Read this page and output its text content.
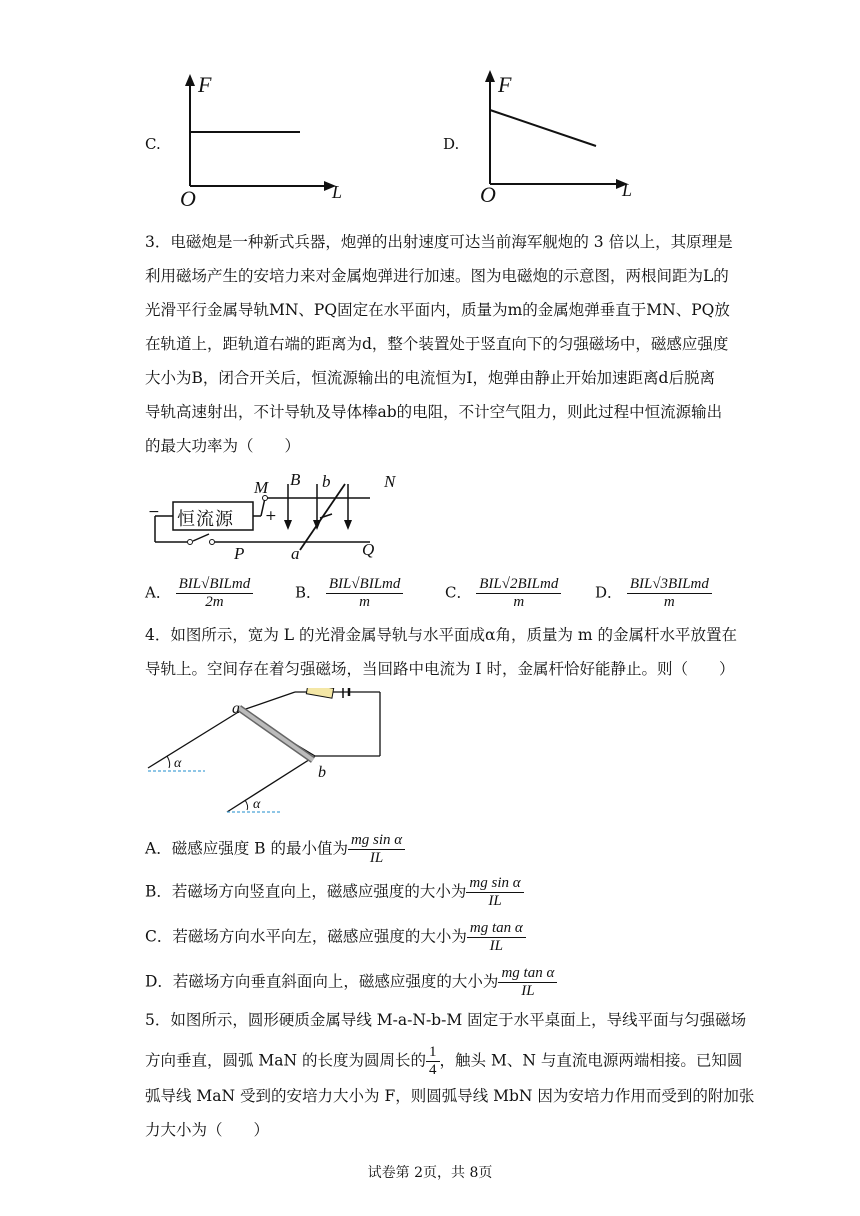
C.
F
O	L
D.
F
O	L
3．电磁炮是一种新式兵器，炮弹的出射速度可达当前海军舰炮的 3 倍以上，其原理是
利用磁场产生的安培力来对金属炮弹进行加速。图为电磁炮的示意图，两根间距为L的
光滑平行金属导轨MN、PQ固定在水平面内，质量为m的金属炮弹垂直于MN、PQ放
在轨道上，距轨道右端的距离为d，整个装置处于竖直向下的匀强磁场中，磁感应强度
大小为B，闭合开关后，恒流源输出的电流恒为I，炮弹由静止开始加速距离d后脱离
导轨高速射出，不计导轨及导体棒ab的电阻，不计空气阻力，则此过程中恒流源输出
的最大功率为（　　）
恒流源
M B b	N
P	a	Q
+
−
A． $\frac{\text{BIL√BILmd}}{2m}$	B． $\frac{\text{BIL√BILmd}}{m}$	C． $\frac{\text{BIL√2BILmd}}{m}$ D． $\frac{\text{BIL√3BILmd}}{m}$
4．如图所示，宽为 L 的光滑金属导轨与水平面成α角，质量为 m 的金属杆水平放置在
导轨上。空间存在着匀强磁场，当回路中电流为 I 时，金属杆恰好能静止。则（　　）
a
b
α
α
A．磁感应强度 B 的最小值为 $\frac{\text{mg sin α}}{IL}$
B．若磁场方向竖直向上，磁感应强度的大小为 $\frac{\text{mg sin α}}{IL}$
C．若磁场方向水平向左，磁感应强度的大小为 $\frac{\text{mg tan α}}{IL}$
D．若磁场方向垂直斜面向上，磁感应强度的大小为 $\frac{\text{mg tan α}}{IL}$
5．如图所示，圆形硬质金属导线 M-a-N-b-M 固定于水平桌面上，导线平面与匀强磁场
方向垂直，圆弧 MaN 的长度为圆周长的 $\frac{1}{4}$ ，触头 M、N 与直流电源两端相接。已知圆
弧导线 MaN 受到的安培力大小为 F，则圆弧导线 MbN 因为安培力作用而受到的附加张
力大小为（　　）
试卷第 2页，共 8页
